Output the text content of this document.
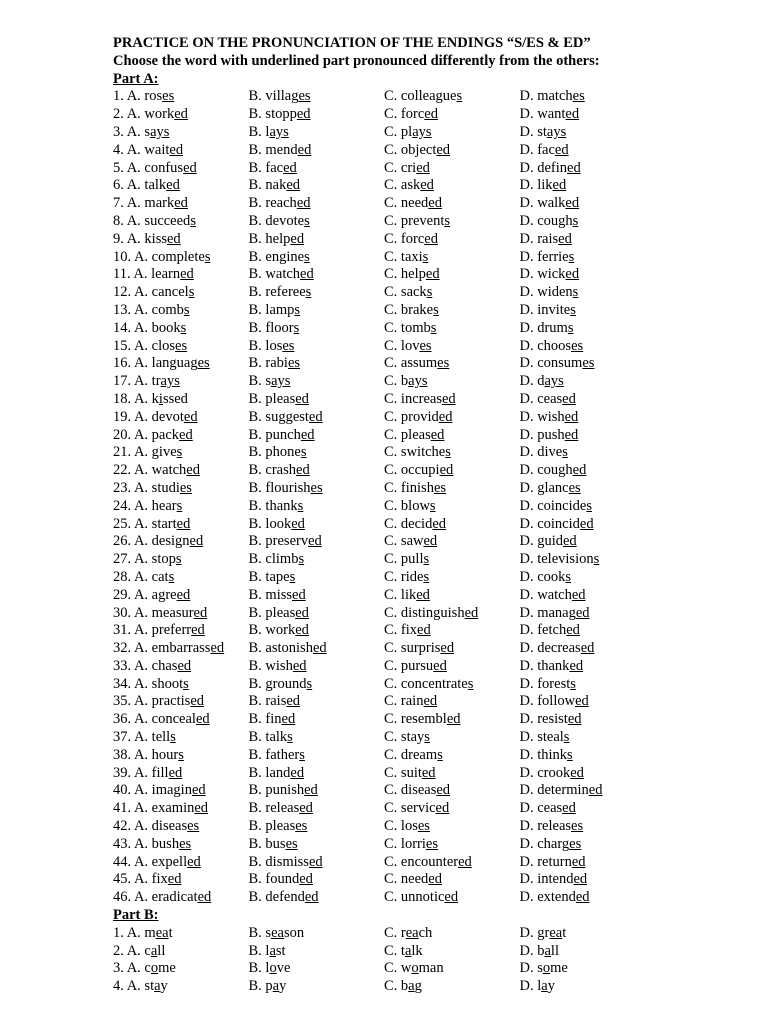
PRACTICE ON THE PRONUNCIATION OF THE ENDINGS “S/ES & ED”
Choose the word with underlined part pronounced differently from the others:
Part A:
1. A. roses	B. villages	C. colleagues	D. matches
2. A. worked	B. stopped	C. forced	D. wanted
3. A. says	B. lays	C. plays	D. stays
4. A. waited	B. mended	C. objected	D. faced
5. A. confused	B. faced	C. cried	D. defined
6. A. talked	B. naked	C. asked	D. liked
7. A. marked	B. reached	C. needed	D. walked
8. A. succeeds	B. devotes	C. prevents	D. coughs
9. A. kissed	B. helped	C. forced	D. raised
10. A. completes	B. engines	C. taxis	D. ferries
11. A. learned	B. watched	C. helped	D. wicked
12. A. cancels	B. referees	C. sacks	D. widens
13. A. combs	B. lamps	C. brakes	D. invites
14. A. books	B. floors	C. tombs	D. drums
15. A. closes	B. loses	C. loves	D. chooses
16. A. languages	B. rabies	C. assumes	D. consumes
17. A. trays	B. says	C. bays	D. days
18. A. kissed	B. pleased	C. increased	D. ceased
19. A. devoted	B. suggested	C. provided	D. wished
20. A. packed	B. punched	C. pleased	D. pushed
21. A. gives	B. phones	C. switches	D. dives
22. A. watched	B. crashed	C. occupied	D. coughed
23. A. studies	B. flourishes	C. finishes	D. glances
24. A. hears	B. thanks	C. blows	D. coincides
25. A. started	B. looked	C. decided	D. coincided
26. A. designed	B. preserved	C. sawed	D. guided
27. A. stops	B. climbs	C. pulls	D. televisions
28. A. cats	B. tapes	C. rides	D. cooks
29. A. agreed	B. missed	C. liked	D. watched
30. A. measured	B. pleased	C. distinguished	D. managed
31. A. preferred	B. worked	C. fixed	D. fetched
32. A. embarrassed	B. astonished	C. surprised	D. decreased
33. A. chased	B. wished	C. pursued	D. thanked
34. A. shoots	B. grounds	C. concentrates	D. forests
35. A. practised	B. raised	C. rained	D. followed
36. A. concealed	B. fined	C. resembled	D. resisted
37. A. tells	B. talks	C. stays	D. steals
38. A. hours	B. fathers	C. dreams	D. thinks
39. A. filled	B. landed	C. suited	D. crooked
40. A. imagined	B. punished	C. diseased	D. determined
41. A. examined	B. released	C. serviced	D. ceased
42. A. diseases	B. pleases	C. loses	D. releases
43. A. bushes	B. buses	C. lorries	D. charges
44. A. expelled	B. dismissed	C. encountered	D. returned
45. A. fixed	B. founded	C. needed	D. intended
46. A. eradicated	B. defended	C. unnoticed	D. extended
Part B:
1. A. meat	B. season	C. reach	D. great
2. A. call	B. last	C. talk	D. ball
3. A. come	B. love	C. woman	D. some
4. A. stay	B. pay	C. bag	D. lay
